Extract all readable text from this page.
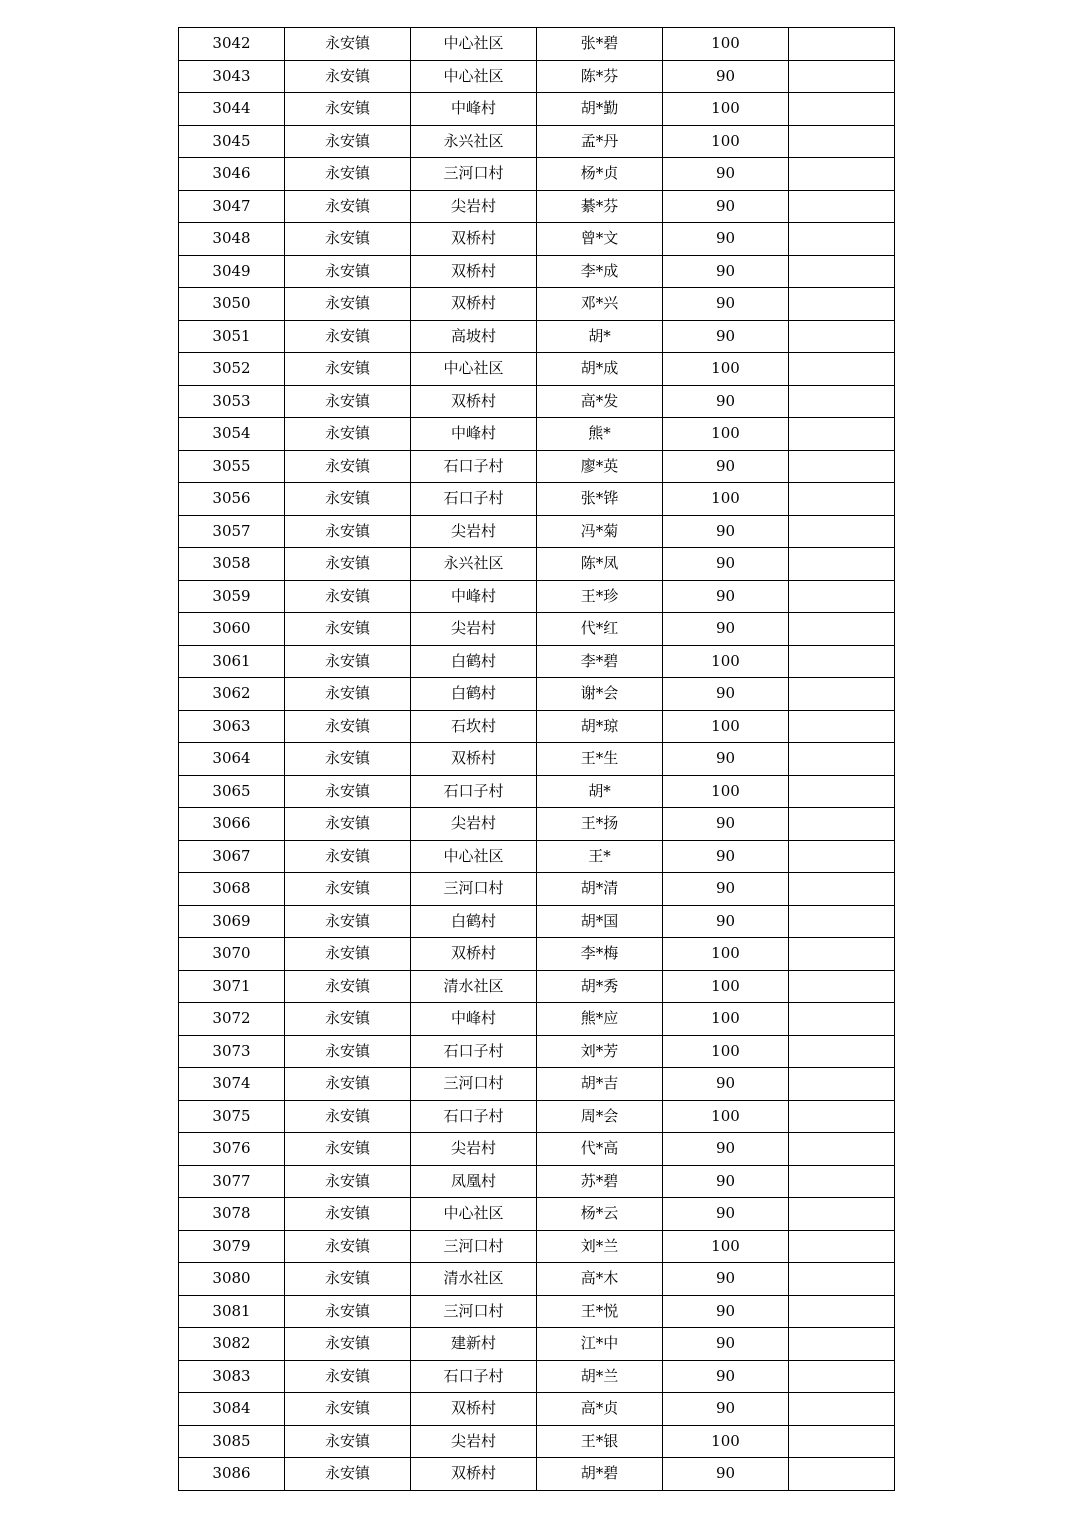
3042	永安镇	中心社区	张*碧	100	
3043	永安镇	中心社区	陈*芬	90	
3044	永安镇	中峰村	胡*勤	100	
3045	永安镇	永兴社区	孟*丹	100	
3046	永安镇	三河口村	杨*贞	90	
3047	永安镇	尖岩村	綦*芬	90	
3048	永安镇	双桥村	曾*文	90	
3049	永安镇	双桥村	李*成	90	
3050	永安镇	双桥村	邓*兴	90	
3051	永安镇	高坡村	胡*	90	
3052	永安镇	中心社区	胡*成	100	
3053	永安镇	双桥村	高*发	90	
3054	永安镇	中峰村	熊*	100	
3055	永安镇	石口子村	廖*英	90	
3056	永安镇	石口子村	张*铧	100	
3057	永安镇	尖岩村	冯*菊	90	
3058	永安镇	永兴社区	陈*凤	90	
3059	永安镇	中峰村	王*珍	90	
3060	永安镇	尖岩村	代*红	90	
3061	永安镇	白鹤村	李*碧	100	
3062	永安镇	白鹤村	谢*会	90	
3063	永安镇	石坎村	胡*琼	100	
3064	永安镇	双桥村	王*生	90	
3065	永安镇	石口子村	胡*	100	
3066	永安镇	尖岩村	王*扬	90	
3067	永安镇	中心社区	王*	90	
3068	永安镇	三河口村	胡*清	90	
3069	永安镇	白鹤村	胡*国	90	
3070	永安镇	双桥村	李*梅	100	
3071	永安镇	清水社区	胡*秀	100	
3072	永安镇	中峰村	熊*应	100	
3073	永安镇	石口子村	刘*芳	100	
3074	永安镇	三河口村	胡*吉	90	
3075	永安镇	石口子村	周*会	100	
3076	永安镇	尖岩村	代*高	90	
3077	永安镇	凤凰村	苏*碧	90	
3078	永安镇	中心社区	杨*云	90	
3079	永安镇	三河口村	刘*兰	100	
3080	永安镇	清水社区	高*木	90	
3081	永安镇	三河口村	王*悦	90	
3082	永安镇	建新村	江*中	90	
3083	永安镇	石口子村	胡*兰	90	
3084	永安镇	双桥村	高*贞	90	
3085	永安镇	尖岩村	王*银	100	
3086	永安镇	双桥村	胡*碧	90	
